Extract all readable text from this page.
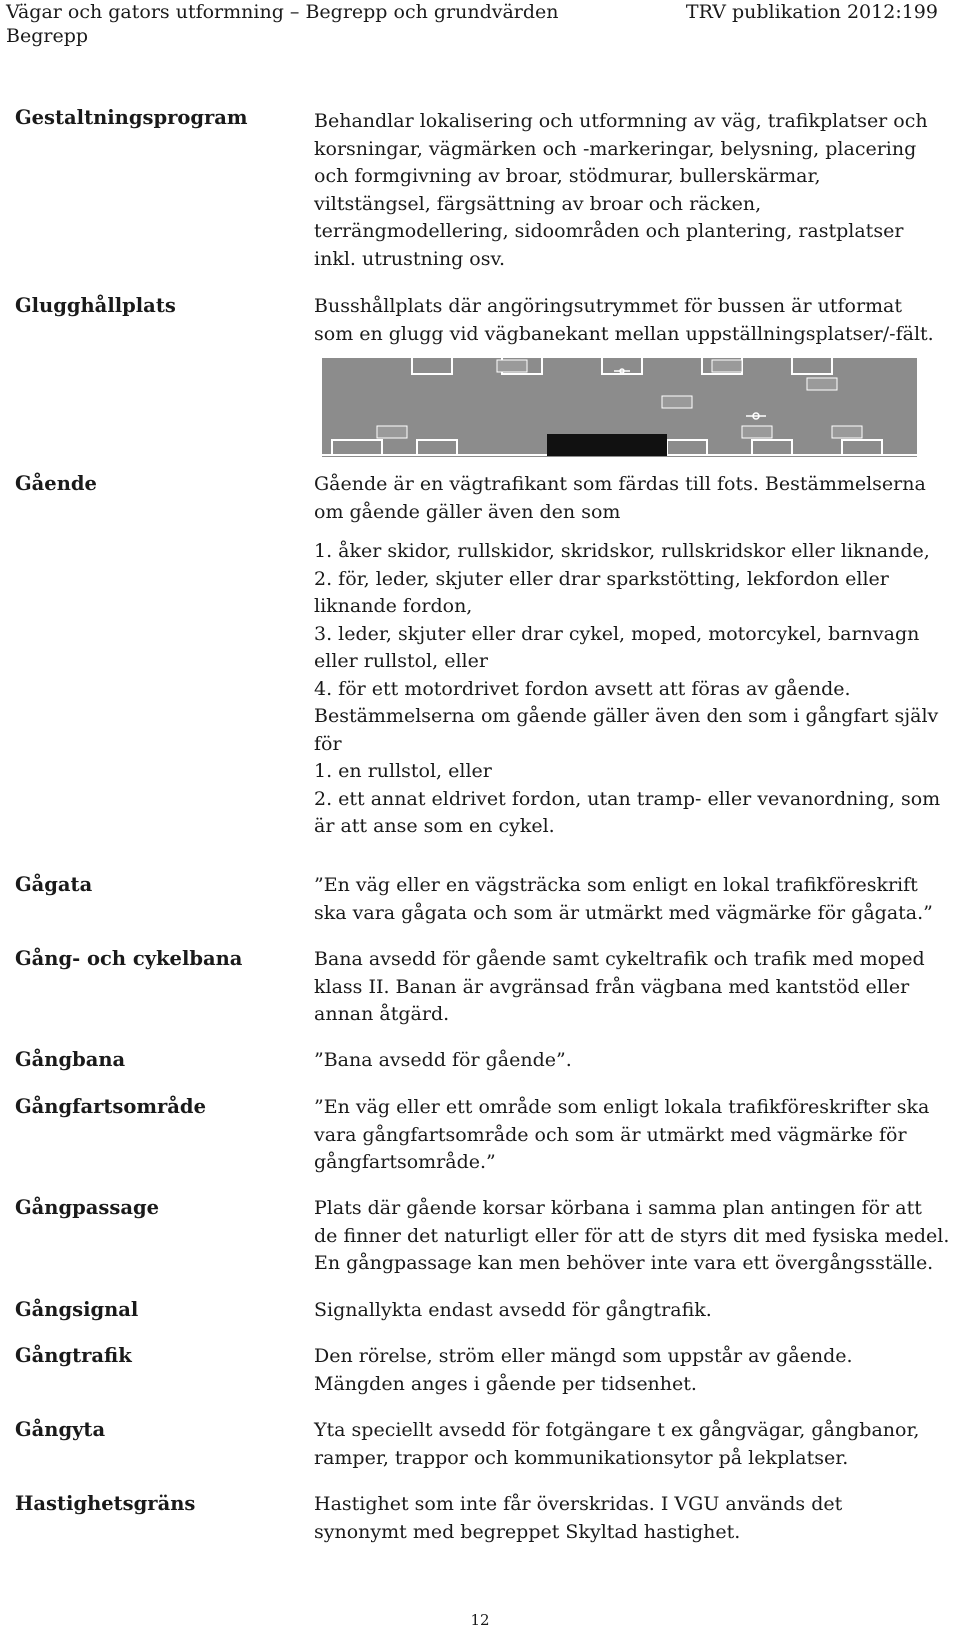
Vägar och gators utformning – Begrepp och grundvärden
Begrepp
TRV publikation 2012:199
Gestaltningsprogram	Behandlar lokalisering och utformning av väg, trafikplatser och

korsningar, vägmärken och -markeringar, belysning, placering

och formgivning av broar, stödmurar, bullerskärmar,

viltstängsel, färgsättning av broar och räcken,

terrängmodellering, sidoområden och plantering, rastplatser

inkl. utrustning osv.

Glugghållplats	Busshållplats där angöringsutrymmet för bussen är utformat

som en glugg vid vägbanekant mellan uppställningsplatser/-fält.

Gående	Gående är en vägtrafikant som färdas till fots. Bestämmelserna

om gående gäller även den som

1. åker skidor, rullskidor, skridskor, rullskridskor eller liknande,

2. för, leder, skjuter eller drar sparkstötting, lekfordon eller

liknande fordon,

3. leder, skjuter eller drar cykel, moped, motorcykel, barnvagn

eller rullstol, eller

4. för ett motordrivet fordon avsett att föras av gående.

Bestämmelserna om gående gäller även den som i gångfart själv

för

1. en rullstol, eller

2. ett annat eldrivet fordon, utan tramp- eller vevanordning, som

är att anse som en cykel.

Gågata	”En väg eller en vägsträcka som enligt en lokal trafikföreskrift

ska vara gågata och som är utmärkt med vägmärke för gågata.”

Gång- och cykelbana	Bana avsedd för gående samt cykeltrafik och trafik med moped

klass II. Banan är avgränsad från vägbana med kantstöd eller

annan åtgärd.

Gångbana	”Bana avsedd för gående”.

Gångfartsområde	”En väg eller ett område som enligt lokala trafikföreskrifter ska

vara gångfartsområde och som är utmärkt med vägmärke för

gångfartsområde.”

Gångpassage	Plats där gående korsar körbana i samma plan antingen för att

de finner det naturligt eller för att de styrs dit med fysiska medel.

En gångpassage kan men behöver inte vara ett övergångsställe.

Gångsignal	Signallykta endast avsedd för gångtrafik.

Gångtrafik	Den rörelse, ström eller mängd som uppstår av gående.

Mängden anges i gående per tidsenhet.

Gångyta	Yta speciellt avsedd för fotgängare t ex gångvägar, gångbanor,

ramper, trappor och kommunikationsytor på lekplatser.

Hastighetsgräns	Hastighet som inte får överskridas. I VGU används det

synonymt med begreppet Skyltad hastighet.

12
